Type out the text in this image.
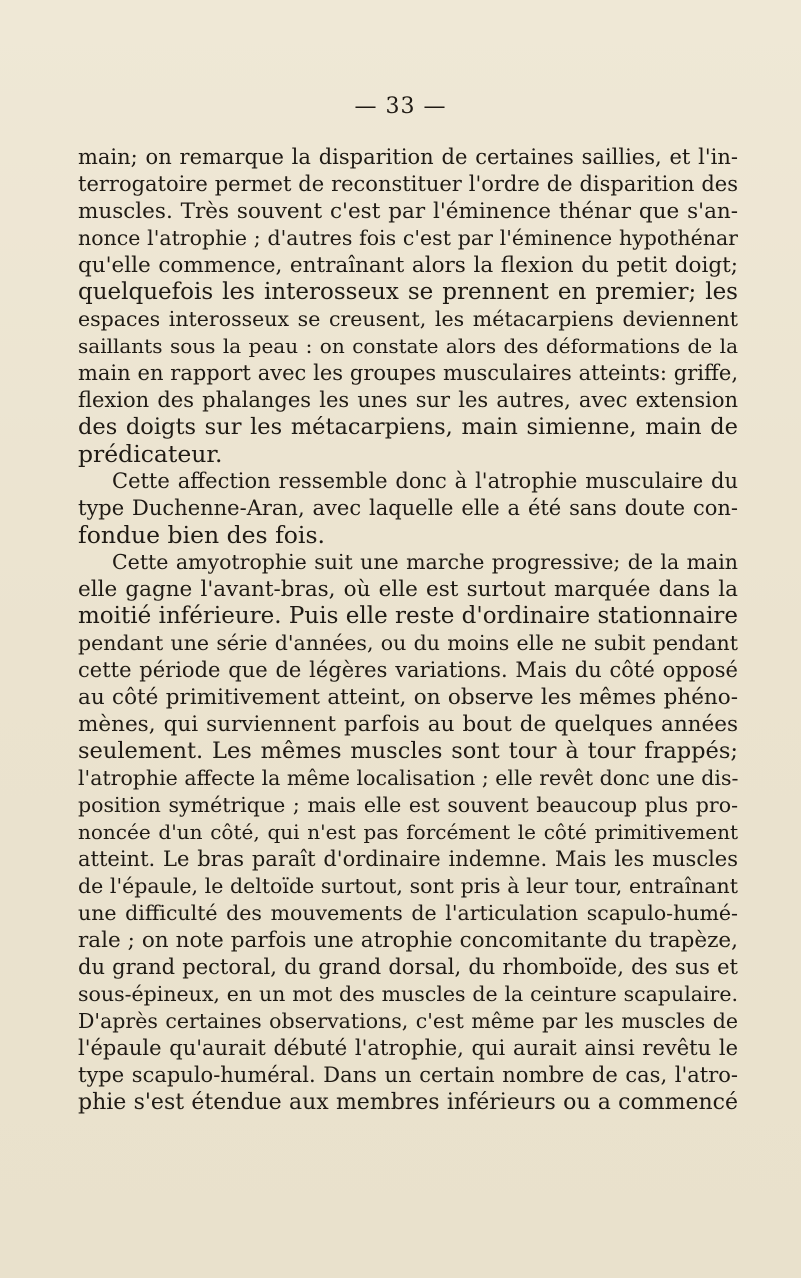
— 33 —
main; on remarque la disparition de certaines saillies, et l'in-
terrogatoire permet de reconstituer l'ordre de disparition des
muscles. Très souvent c'est par l'éminence thénar que s'an-
nonce l'atrophie ; d'autres fois c'est par l'éminence hypothénar
qu'elle commence, entraînant alors la flexion du petit doigt;
quelquefois les interosseux se prennent en premier; les
espaces interosseux se creusent, les métacarpiens deviennent
saillants sous la peau : on constate alors des déformations de la
main en rapport avec les groupes musculaires atteints: griffe,
flexion des phalanges les unes sur les autres, avec extension
des doigts sur les métacarpiens, main simienne, main de
prédicateur.
Cette affection ressemble donc à l'atrophie musculaire du
type Duchenne-Aran, avec laquelle elle a été sans doute con-
fondue bien des fois.
Cette amyotrophie suit une marche progressive; de la main
elle gagne l'avant-bras, où elle est surtout marquée dans la
moitié inférieure. Puis elle reste d'ordinaire stationnaire
pendant une série d'années, ou du moins elle ne subit pendant
cette période que de légères variations. Mais du côté opposé
au côté primitivement atteint, on observe les mêmes phéno-
mènes, qui surviennent parfois au bout de quelques années
seulement. Les mêmes muscles sont tour à tour frappés;
l'atrophie affecte la même localisation ; elle revêt donc une dis-
position symétrique ; mais elle est souvent beaucoup plus pro-
noncée d'un côté, qui n'est pas forcément le côté primitivement
atteint. Le bras paraît d'ordinaire indemne. Mais les muscles
de l'épaule, le deltoïde surtout, sont pris à leur tour, entraînant
une difficulté des mouvements de l'articulation scapulo-humé-
rale ; on note parfois une atrophie concomitante du trapèze,
du grand pectoral, du grand dorsal, du rhomboïde, des sus et
sous-épineux, en un mot des muscles de la ceinture scapulaire.
D'après certaines observations, c'est même par les muscles de
l'épaule qu'aurait débuté l'atrophie, qui aurait ainsi revêtu le
type scapulo-huméral. Dans un certain nombre de cas, l'atro-
phie s'est étendue aux membres inférieurs ou a commencé
